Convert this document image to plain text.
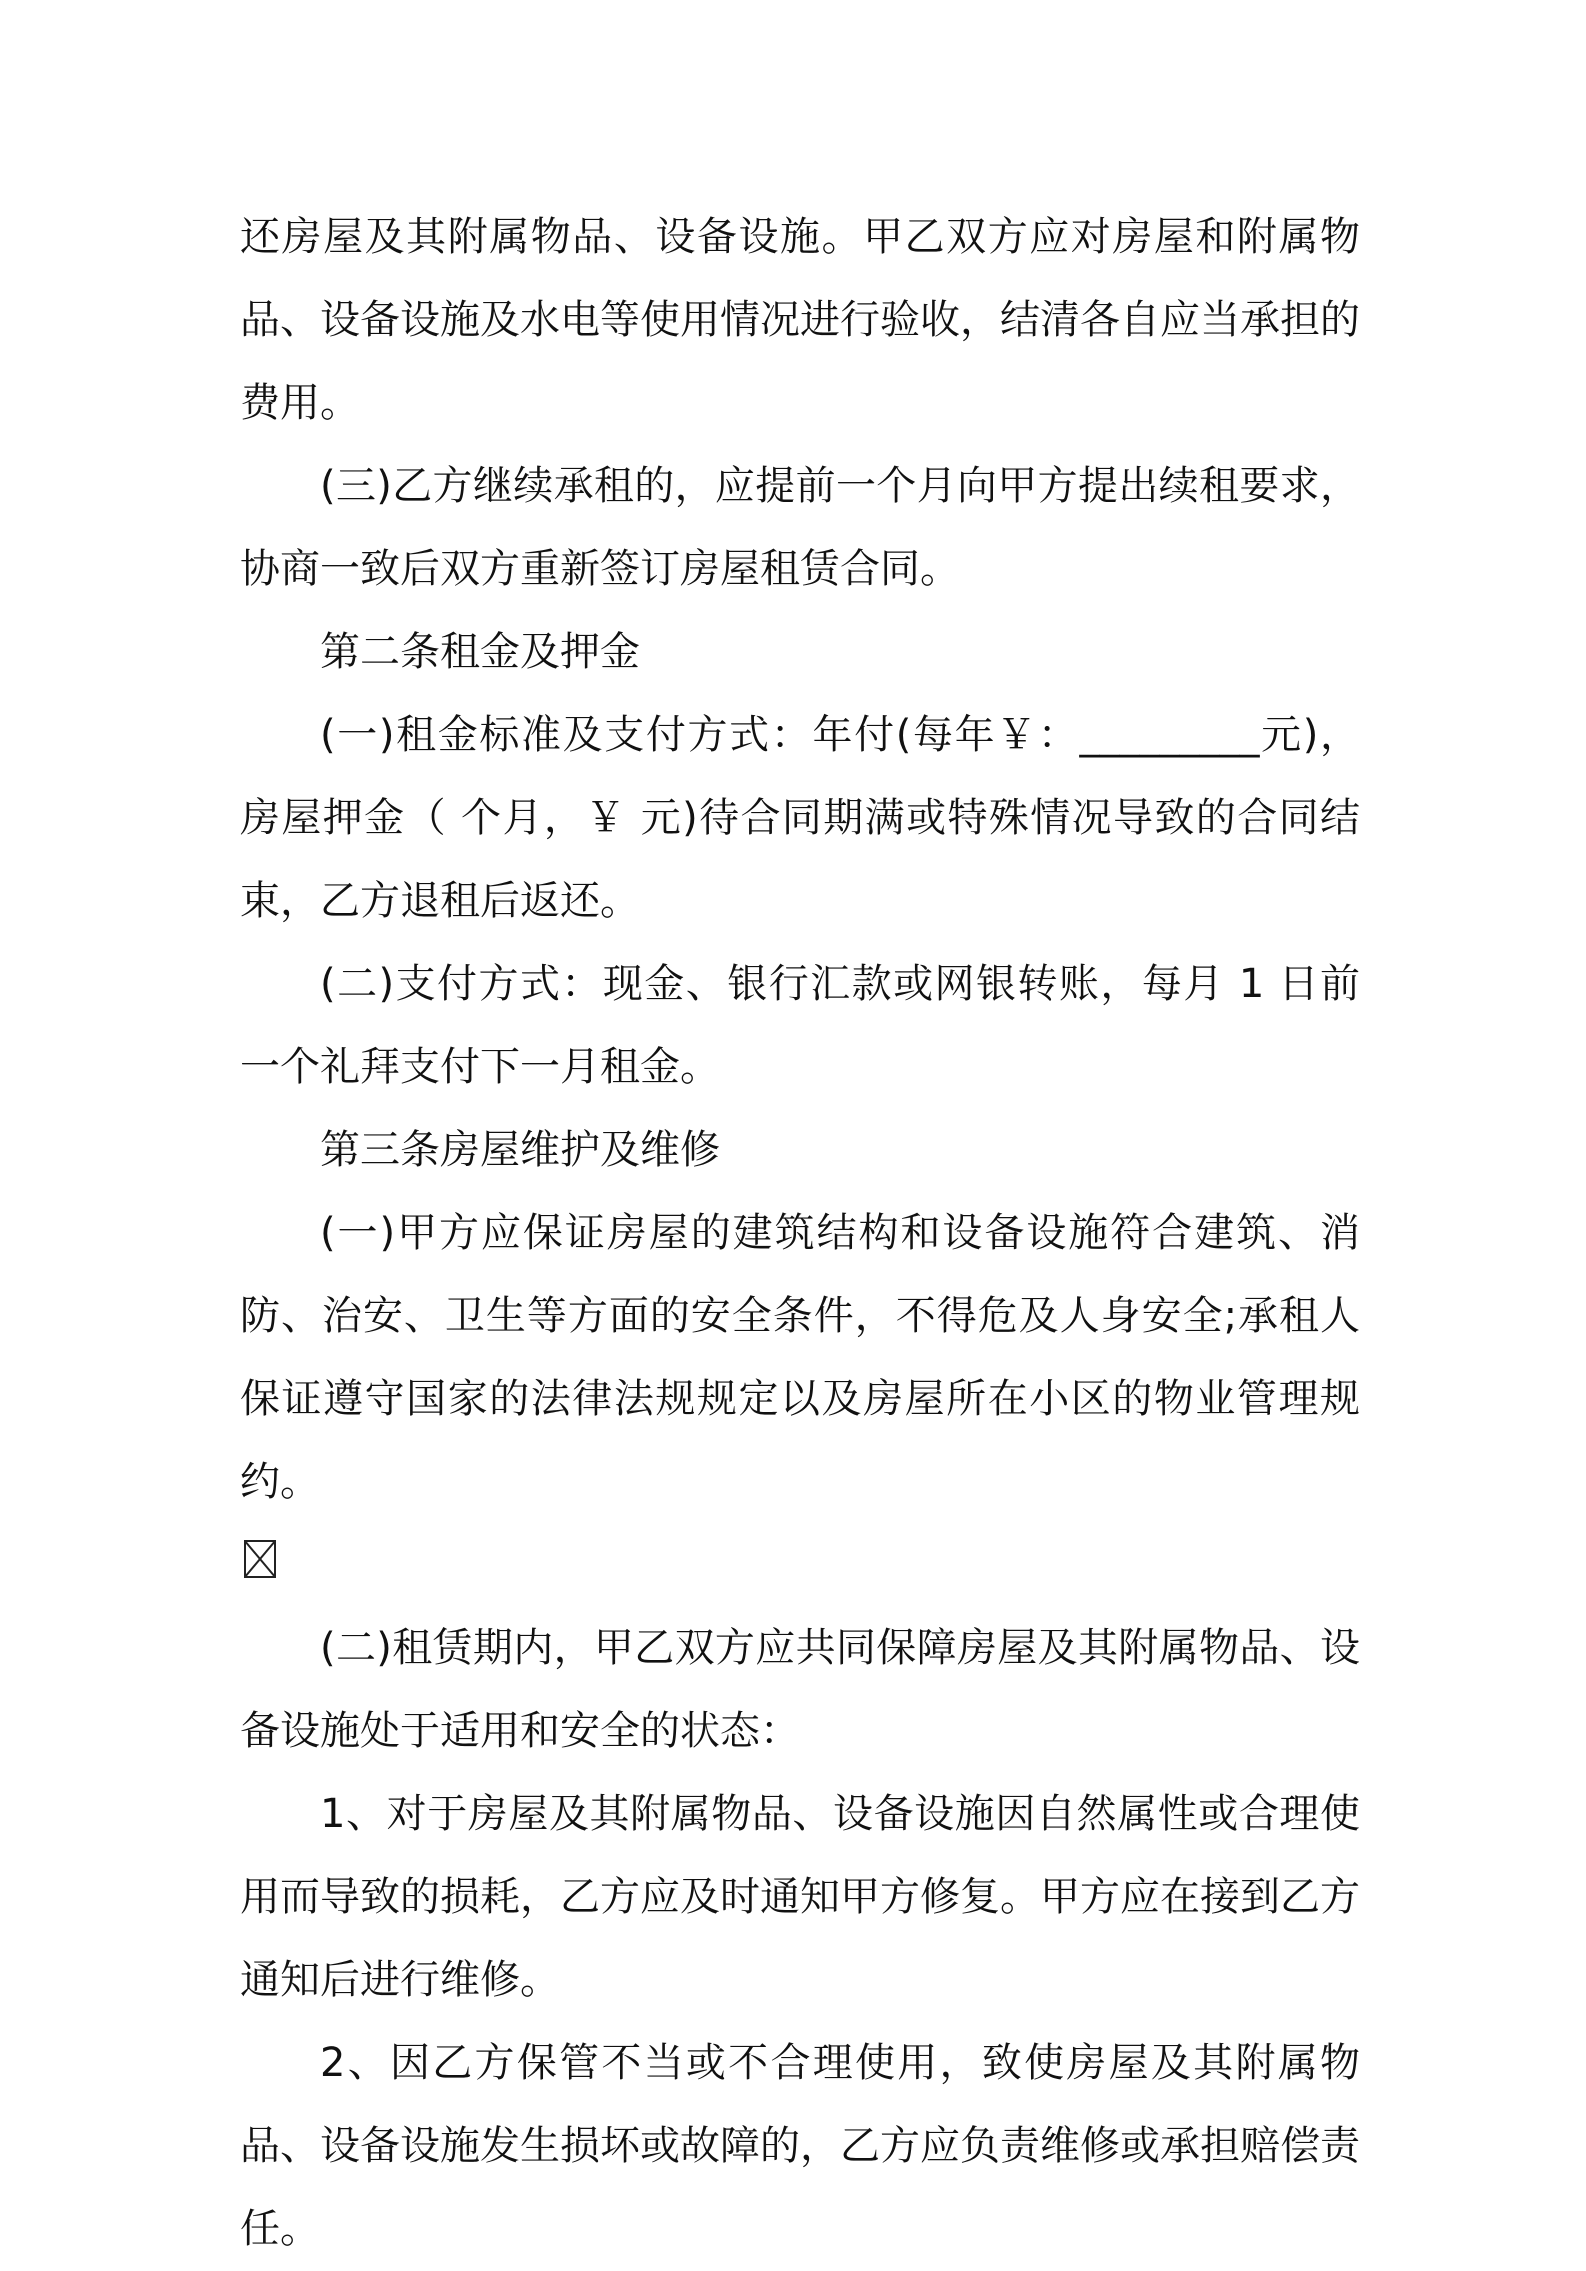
还房屋及其附属物品、设备设施。甲乙双方应对房屋和附属物品、设备设施及水电等使用情况进行验收，结清各自应当承担的费用。

(三)乙方继续承租的，应提前一个月向甲方提出续租要求，协商一致后双方重新签订房屋租赁合同。

第二条租金及押金

(一)租金标准及支付方式：年付(每年￥：_________元)，房屋押金（ 个月，￥ 元)待合同期满或特殊情况导致的合同结束，乙方退租后返还。

(二)支付方式：现金、银行汇款或网银转账，每月 1 日前一个礼拜支付下一月租金。

第三条房屋维护及维修

(一)甲方应保证房屋的建筑结构和设备设施符合建筑、消防、治安、卫生等方面的安全条件，不得危及人身安全;承租人保证遵守国家的法律法规规定以及房屋所在小区的物业管理规约。

(二)租赁期内，甲乙双方应共同保障房屋及其附属物品、设备设施处于适用和安全的状态：

1、对于房屋及其附属物品、设备设施因自然属性或合理使用而导致的损耗，乙方应及时通知甲方修复。甲方应在接到乙方通知后进行维修。

2、因乙方保管不当或不合理使用，致使房屋及其附属物品、设备设施发生损坏或故障的，乙方应负责维修或承担赔偿责任。
